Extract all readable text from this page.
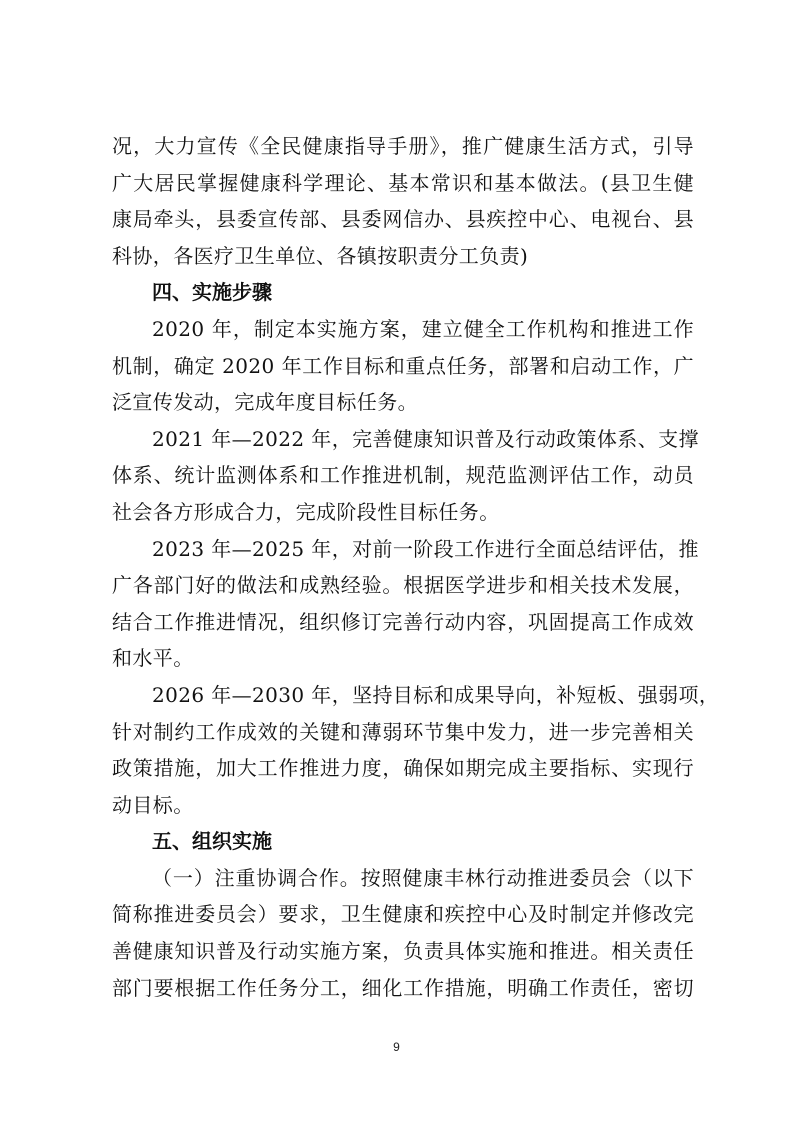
况，大力宣传《全民健康指导手册》，推广健康生活方式，引导
广大居民掌握健康科学理论、基本常识和基本做法。(县卫生健
康局牵头，县委宣传部、县委网信办、县疾控中心、电视台、县
科协，各医疗卫生单位、各镇按职责分工负责)
四、实施步骤
2020 年，制定本实施方案，建立健全工作机构和推进工作
机制，确定 2020 年工作目标和重点任务，部署和启动工作，广
泛宣传发动，完成年度目标任务。
2021 年—2022 年，完善健康知识普及行动政策体系、支撑
体系、统计监测体系和工作推进机制，规范监测评估工作，动员
社会各方形成合力，完成阶段性目标任务。
2023 年—2025 年，对前一阶段工作进行全面总结评估，推
广各部门好的做法和成熟经验。根据医学进步和相关技术发展，
结合工作推进情况，组织修订完善行动内容，巩固提高工作成效
和水平。
2026 年—2030 年，坚持目标和成果导向，补短板、强弱项，
针对制约工作成效的关键和薄弱环节集中发力，进一步完善相关
政策措施，加大工作推进力度，确保如期完成主要指标、实现行
动目标。
五、组织实施
（一）注重协调合作。按照健康丰林行动推进委员会（以下
简称推进委员会）要求，卫生健康和疾控中心及时制定并修改完
善健康知识普及行动实施方案，负责具体实施和推进。相关责任
部门要根据工作任务分工，细化工作措施，明确工作责任，密切
9
